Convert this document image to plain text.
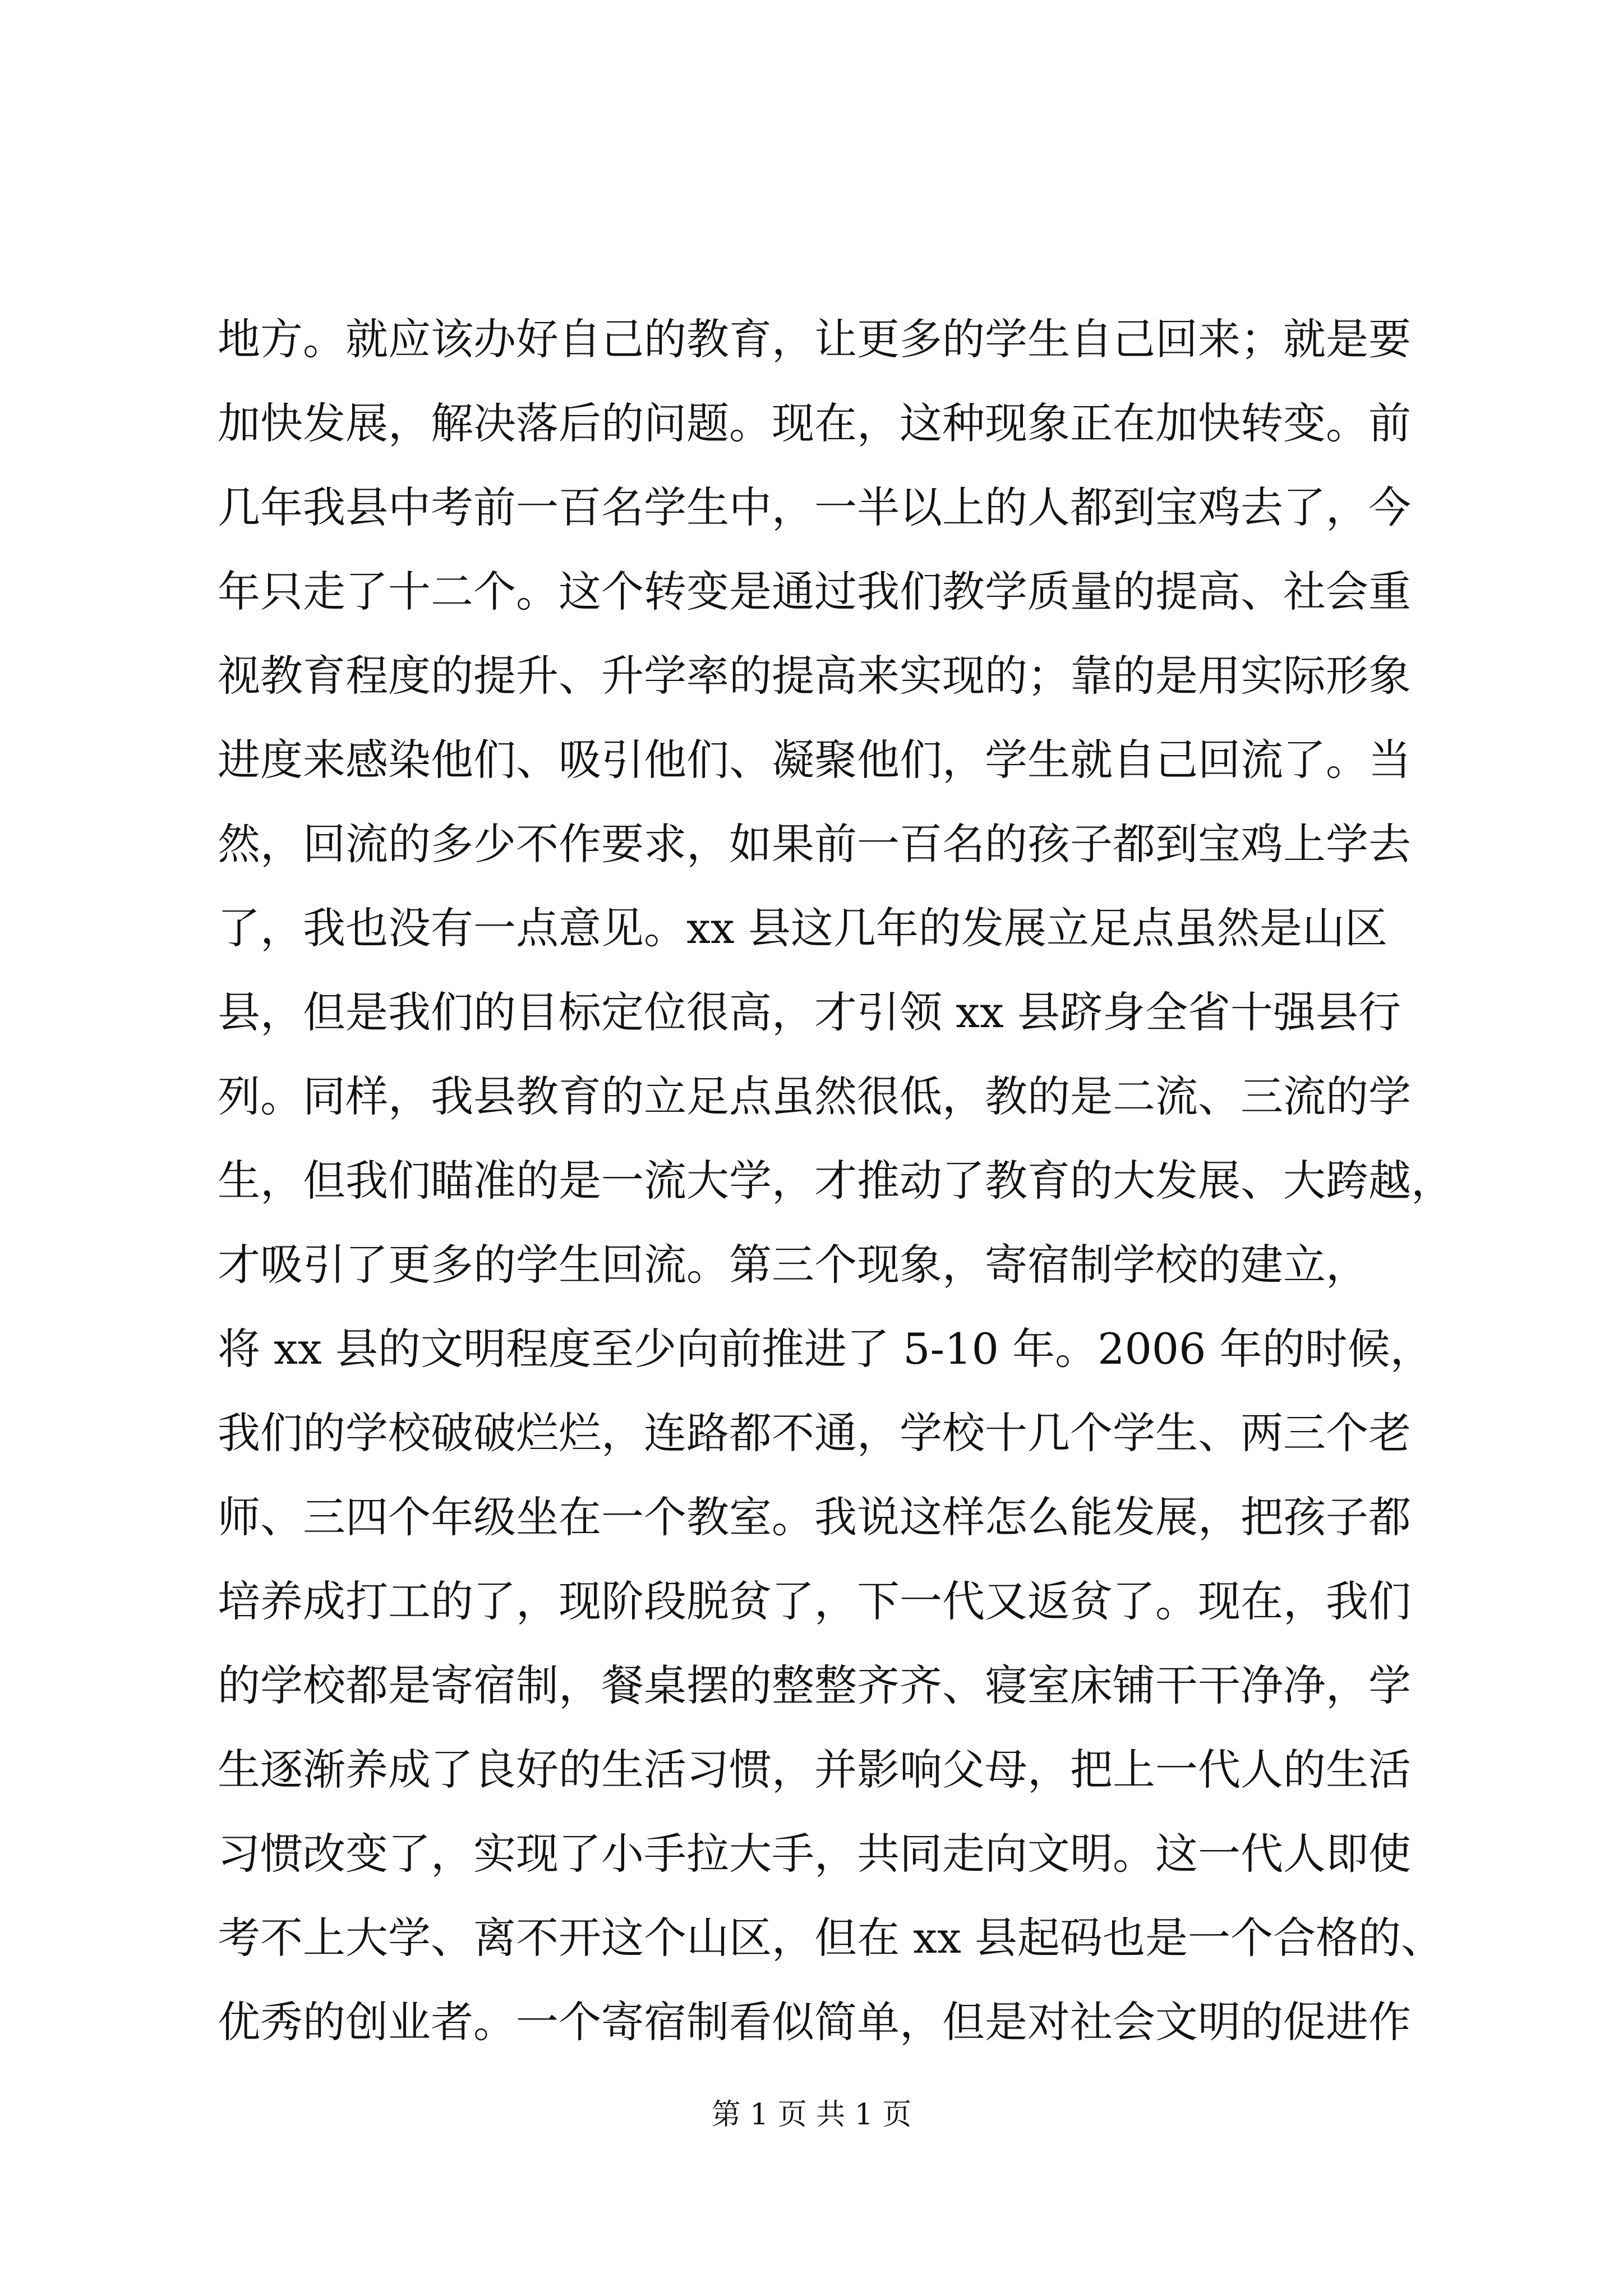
地方。就应该办好自己的教育，让更多的学生自己回来；就是要
加快发展，解决落后的问题。现在，这种现象正在加快转变。前
几年我县中考前一百名学生中，一半以上的人都到宝鸡去了，今
年只走了十二个。这个转变是通过我们教学质量的提高、社会重
视教育程度的提升、升学率的提高来实现的；靠的是用实际形象
进度来感染他们、吸引他们、凝聚他们，学生就自己回流了。当
然，回流的多少不作要求，如果前一百名的孩子都到宝鸡上学去
了，我也没有一点意见。xx 县这几年的发展立足点虽然是山区
县，但是我们的目标定位很高，才引领 xx 县跻身全省十强县行
列。同样，我县教育的立足点虽然很低，教的是二流、三流的学
生，但我们瞄准的是一流大学，才推动了教育的大发展、大跨越，
才吸引了更多的学生回流。第三个现象，寄宿制学校的建立，
将 xx 县的文明程度至少向前推进了 5-10 年。2006 年的时候，
我们的学校破破烂烂，连路都不通，学校十几个学生、两三个老
师、三四个年级坐在一个教室。我说这样怎么能发展，把孩子都
培养成打工的了，现阶段脱贫了，下一代又返贫了。现在，我们
的学校都是寄宿制，餐桌摆的整整齐齐、寝室床铺干干净净，学
生逐渐养成了良好的生活习惯，并影响父母，把上一代人的生活
习惯改变了，实现了小手拉大手，共同走向文明。这一代人即使
考不上大学、离不开这个山区，但在 xx 县起码也是一个合格的、
优秀的创业者。一个寄宿制看似简单，但是对社会文明的促进作
第 1 页 共 1 页
